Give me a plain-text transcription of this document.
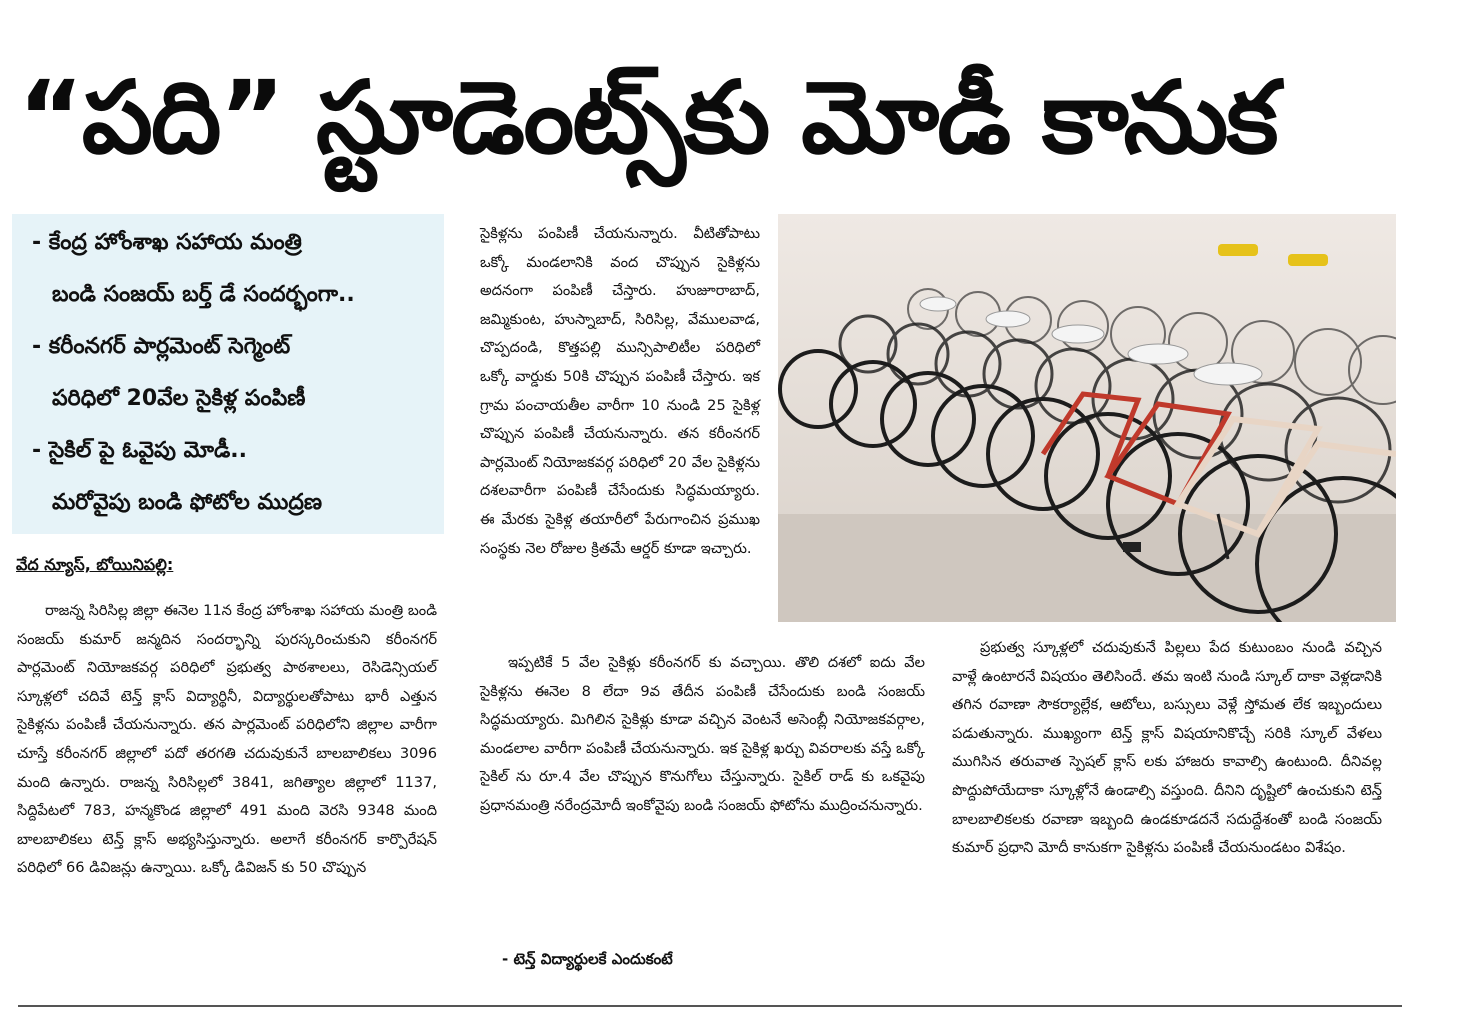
“పది” స్టూడెంట్స్‌కు మోడీ కానుక
- కేంద్ర హోంశాఖ సహాయ మంత్రి
బండి సంజయ్ బర్త్ డే సందర్భంగా..
- కరీంనగర్ పార్లమెంట్ సెగ్మెంట్
పరిధిలో 20వేల సైకిళ్ల పంపిణీ
- సైకిల్ పై ఓవైపు మోడీ..
మరోవైపు బండి ఫోటోల ముద్రణ
వేద న్యూస్, బోయినిపల్లి:

రాజన్న సిరిసిల్ల జిల్లా ఈనెల 11న కేంద్ర హోంశాఖ సహాయ మంత్రి బండి సంజయ్ కుమార్ జన్మదిన సందర్భాన్ని పురస్కరించుకుని కరీంనగర్ పార్లమెంట్ నియోజకవర్గ పరిధిలో ప్రభుత్వ పాఠశాలలు, రెసిడెన్సియల్ స్కూళ్లలో చదివే టెన్త్ క్లాస్ విద్యార్థినీ, విద్యార్థులతోపాటు భారీ ఎత్తున సైకిళ్లను పంపిణీ చేయనున్నారు. తన పార్లమెంట్ పరిధిలోని జిల్లాల వారీగా చూస్తే కరీంనగర్ జిల్లాలో పదో తరగతి చదువుకునే బాలబాలికలు 3096 మంది ఉన్నారు. రాజన్న సిరిసిల్లలో 3841, జగిత్యాల జిల్లాలో 1137, సిద్దిపేటలో 783, హన్మకొండ జిల్లాలో 491 మంది వెరసి 9348 మంది బాలబాలికలు టెన్త్ క్లాస్ అభ్యసిస్తున్నారు. అలాగే కరీంనగర్ కార్పొరేషన్ పరిధిలో 66 డివిజన్లు ఉన్నాయి. ఒక్కో డివిజన్ కు 50 చొప్పున

సైకిళ్లను పంపిణీ చేయనున్నారు. వీటితోపాటు ఒక్కో మండలానికి వంద చొప్పున సైకిళ్లను అదనంగా పంపిణీ చేస్తారు. హుజూరాబాద్, జమ్మికుంట, హుస్నాబాద్, సిరిసిల్ల, వేములవాడ, చొప్పదండి, కొత్తపల్లి మున్సిపాలిటీల పరిధిలో ఒక్కో వార్డుకు 50కి చొప్పున పంపిణీ చేస్తారు. ఇక గ్రామ పంచాయతీల వారీగా 10 నుండి 25 సైకిళ్ల చొప్పున పంపిణీ చేయనున్నారు. తన కరీంనగర్ పార్లమెంట్ నియోజకవర్గ పరిధిలో 20 వేల సైకిళ్లను దశలవారీగా పంపిణీ చేసేందుకు సిద్ధమయ్యారు. ఈ మేరకు సైకిళ్ల తయారీలో పేరుగాంచిన ప్రముఖ సంస్థకు నెల రోజుల క్రితమే ఆర్డర్ కూడా ఇచ్చారు.

ఇప్పటికే 5 వేల సైకిళ్లు కరీంనగర్ కు వచ్చాయి. తొలి దశలో ఐదు వేల సైకిళ్లను ఈనెల 8 లేదా 9వ తేదీన పంపిణీ చేసేందుకు బండి సంజయ్ సిద్ధమయ్యారు. మిగిలిన సైకిళ్లు కూడా వచ్చిన వెంటనే అసెంబ్లీ నియోజకవర్గాల, మండలాల వారీగా పంపిణీ చేయనున్నారు. ఇక సైకిళ్ల ఖర్చు వివరాలకు వస్తే ఒక్కో సైకిల్ ను రూ.4 వేల చొప్పున కొనుగోలు చేస్తున్నారు. సైకిల్ రాడ్ కు ఒకవైపు ప్రధానమంత్రి నరేంద్రమోదీ ఇంకోవైపు బండి సంజయ్ ఫోటోను ముద్రించనున్నారు.

- టెన్త్ విద్యార్థులకే ఎందుకంటే

ప్రభుత్వ స్కూళ్లలో చదువుకునే పిల్లలు పేద కుటుంబం నుండి వచ్చిన వాళ్లే ఉంటారనే విషయం తెలిసిందే. తమ ఇంటి నుండి స్కూల్ దాకా వెళ్లడానికి తగిన రవాణా సౌకర్యాల్లేక, ఆటోలు, బస్సులు వెళ్లే స్తోమత లేక ఇబ్బందులు పడుతున్నారు. ముఖ్యంగా టెన్త్ క్లాస్ విషయానికొచ్చే సరికి స్కూల్ వేళలు ముగిసిన తరువాత స్పెషల్ క్లాస్ లకు హాజరు కావాల్సి ఉంటుంది. దీనివల్ల పొద్దుపోయేదాకా స్కూళ్లోనే ఉండాల్సి వస్తుంది. దీనిని దృష్టిలో ఉంచుకుని టెన్త్ బాలబాలికలకు రవాణా ఇబ్బంది ఉండకూడదనే సదుద్దేశంతో బండి సంజయ్ కుమార్ ప్రధాని మోదీ కానుకగా సైకిళ్లను పంపిణీ చేయనుండటం విశేషం.
